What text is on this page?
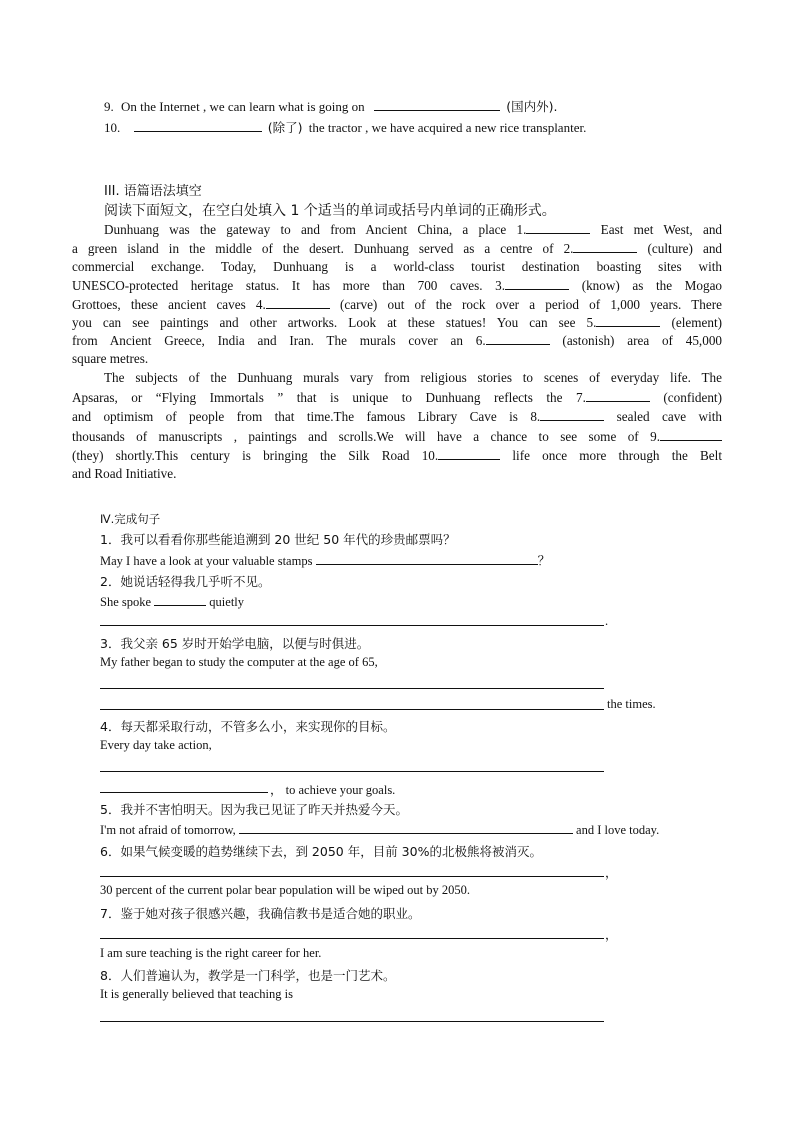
9. On the Internet , we can learn what is going on	(国内外).
10.	(除了) the tractor , we have acquired a new rice transplanter.
III. 语篇语法填空
阅读下面短文，在空白处填入 1 个适当的单词或括号内单词的正确形式。
Dunhuang was the gateway to and from Ancient China, a place 1.	East met West, and
a green island in the middle of the desert. Dunhuang served as a centre of 2.	(culture) and
commercial exchange. Today, Dunhuang is a world-class tourist destination boasting sites with
UNESCO-protected heritage status. It has more than 700 caves. 3.	(know) as the Mogao
Grottoes, these ancient caves 4.	(carve) out of the rock over a period of 1,000 years. There
you can see paintings and other artworks. Look at these statues! You can see 5.	(element)
from Ancient Greece, India and Iran. The murals cover an 6.	(astonish) area of 45,000
square metres.
The subjects of the Dunhuang murals vary from religious stories to scenes of everyday life. The
Apsaras, or “Flying Immortals ” that is unique to Dunhuang reflects the 7.	(confident)
and optimism of people from that time.The famous Library Cave is 8.	sealed cave with
thousands of manuscripts , paintings and scrolls.We will have a chance to see some of 9.
(they) shortly.This century is bringing the Silk Road 10.	life once more through the Belt
and Road Initiative.
Ⅳ.完成句子
1．我可以看看你那些能追溯到 20 世纪 50 年代的珍贵邮票吗？
May I have a look at your valuable stamps	？
2．她说话轻得我几乎听不见。
She spoke	quietly
.
3．我父亲 65 岁时开始学电脑，以便与时俱进。
My father began to study the computer at the age of 65,
the times.
4．每天都采取行动，不管多么小，来实现你的目标。
Every day take action,
， to achieve your goals.
5．我并不害怕明天。因为我已见证了昨天并热爱今天。
I'm not afraid of tomorrow,	and I love today.
6．如果气候变暖的趋势继续下去，到 2050 年，目前 30%的北极熊将被消灭。
，
30 percent of the current polar bear population will be wiped out by 2050.
7．鉴于她对孩子很感兴趣，我确信教书是适合她的职业。
，
I am sure teaching is the right career for her.
8．人们普遍认为，教学是一门科学，也是一门艺术。
It is generally believed that teaching is
